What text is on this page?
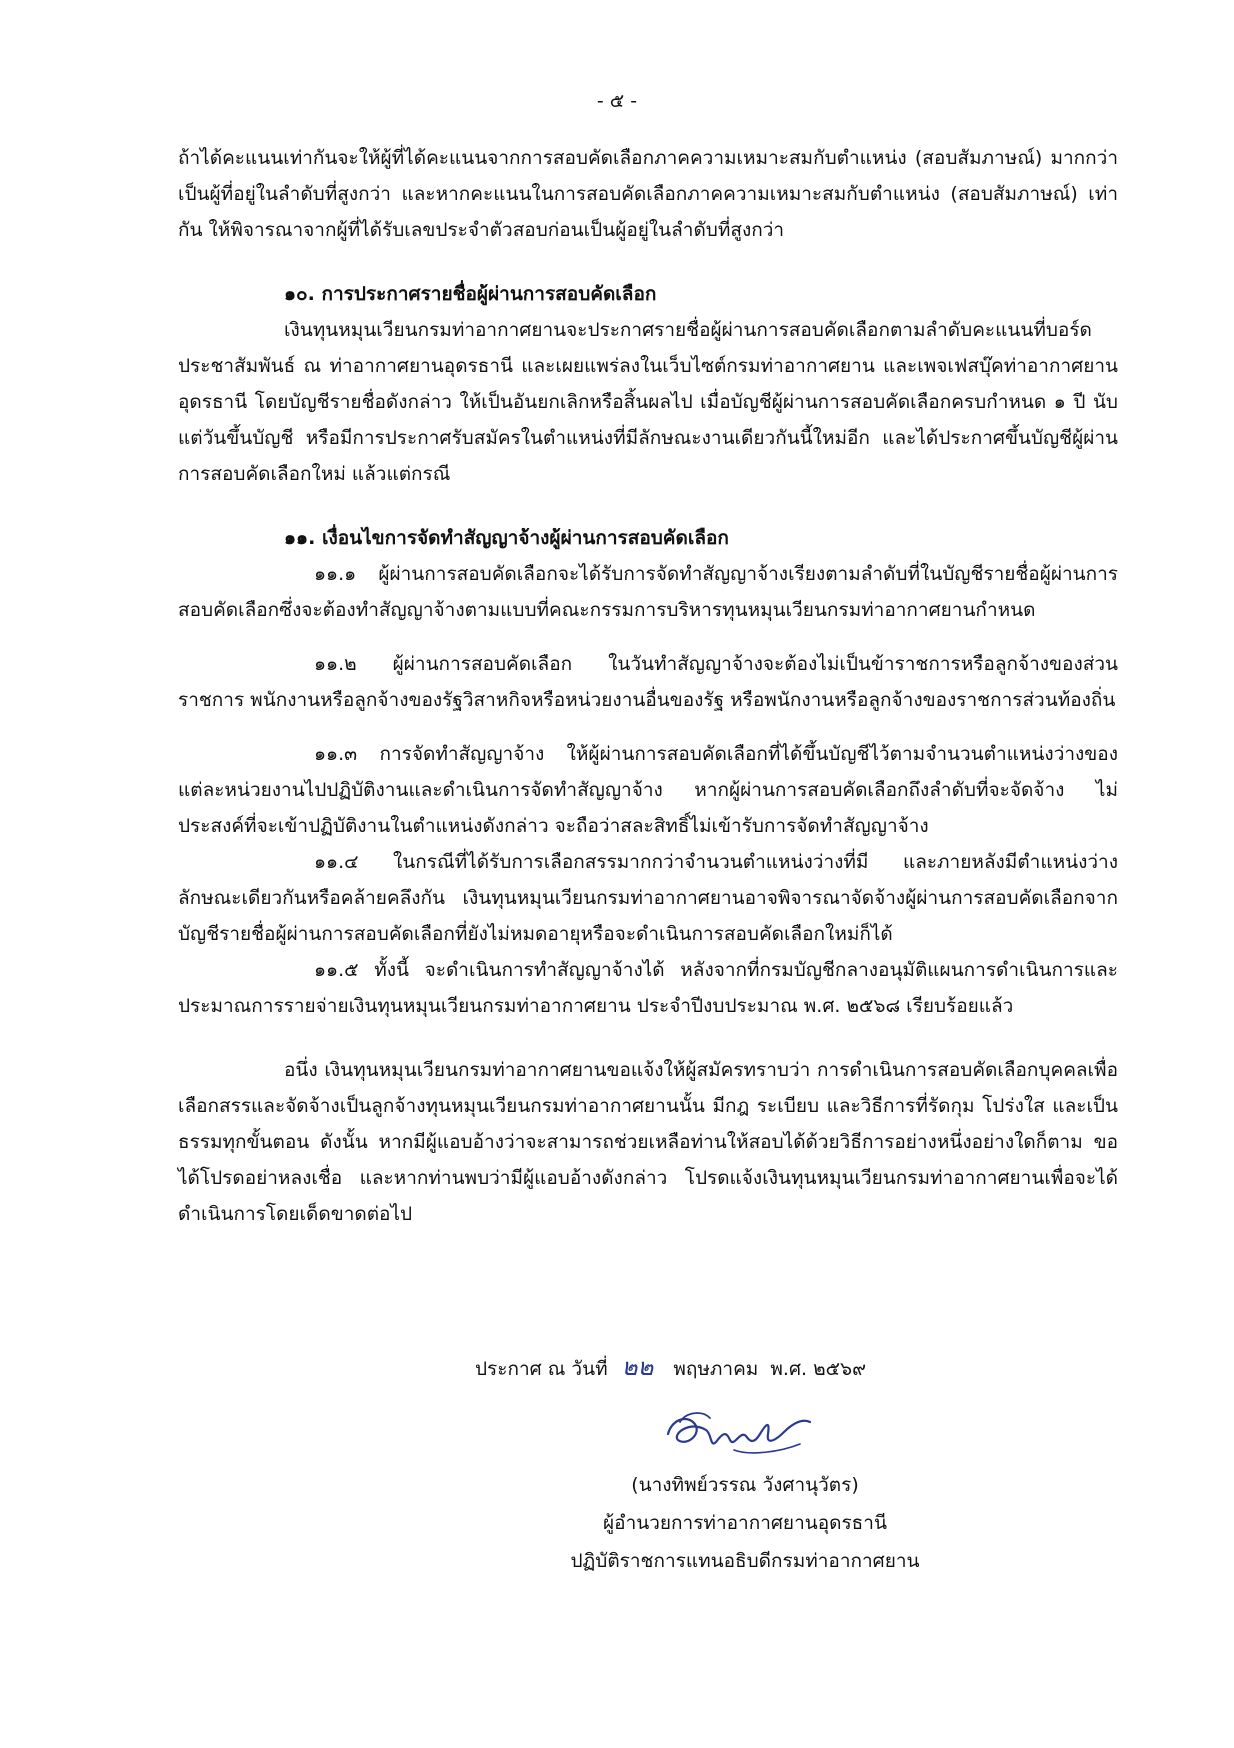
- ๕ -

ถ้าได้คะแนนเท่ากันจะให้ผู้ที่ได้คะแนนจากการสอบคัดเลือกภาคความเหมาะสมกับตำแหน่ง (สอบสัมภาษณ์) มากกว่า เป็นผู้ที่อยู่ในลำดับที่สูงกว่า และหากคะแนนในการสอบคัดเลือกภาคความเหมาะสมกับตำแหน่ง (สอบสัมภาษณ์) เท่ากัน ให้พิจารณาจากผู้ที่ได้รับเลขประจำตัวสอบก่อนเป็นผู้อยู่ในลำดับที่สูงกว่า

๑๐. การประกาศรายชื่อผู้ผ่านการสอบคัดเลือก

เงินทุนหมุนเวียนกรมท่าอากาศยานจะประกาศรายชื่อผู้ผ่านการสอบคัดเลือกตามลำดับคะแนนที่บอร์ดประชาสัมพันธ์ ณ ท่าอากาศยานอุดรธานี และเผยแพร่ลงในเว็บไซต์กรมท่าอากาศยาน และเพจเฟสบุ๊คท่าอากาศยานอุดรธานี โดยบัญชีรายชื่อดังกล่าว ให้เป็นอันยกเลิกหรือสิ้นผลไป เมื่อบัญชีผู้ผ่านการสอบคัดเลือกครบกำหนด ๑ ปี นับแต่วันขึ้นบัญชี หรือมีการประกาศรับสมัครในตำแหน่งที่มีลักษณะงานเดียวกันนี้ใหม่อีก และได้ประกาศขึ้นบัญชีผู้ผ่านการสอบคัดเลือกใหม่ แล้วแต่กรณี

๑๑. เงื่อนไขการจัดทำสัญญาจ้างผู้ผ่านการสอบคัดเลือก

๑๑.๑ ผู้ผ่านการสอบคัดเลือกจะได้รับการจัดทำสัญญาจ้างเรียงตามลำดับที่ในบัญชีรายชื่อผู้ผ่านการสอบคัดเลือกซึ่งจะต้องทำสัญญาจ้างตามแบบที่คณะกรรมการบริหารทุนหมุนเวียนกรมท่าอากาศยานกำหนด

๑๑.๒ ผู้ผ่านการสอบคัดเลือก ในวันทำสัญญาจ้างจะต้องไม่เป็นข้าราชการหรือลูกจ้างของส่วนราชการ พนักงานหรือลูกจ้างของรัฐวิสาหกิจหรือหน่วยงานอื่นของรัฐ หรือพนักงานหรือลูกจ้างของราชการส่วนท้องถิ่น

๑๑.๓ การจัดทำสัญญาจ้าง ให้ผู้ผ่านการสอบคัดเลือกที่ได้ขึ้นบัญชีไว้ตามจำนวนตำแหน่งว่างของแต่ละหน่วยงานไปปฏิบัติงานและดำเนินการจัดทำสัญญาจ้าง หากผู้ผ่านการสอบคัดเลือกถึงลำดับที่จะจัดจ้าง ไม่ประสงค์ที่จะเข้าปฏิบัติงานในตำแหน่งดังกล่าว จะถือว่าสละสิทธิ์ไม่เข้ารับการจัดทำสัญญาจ้าง

๑๑.๔ ในกรณีที่ได้รับการเลือกสรรมากกว่าจำนวนตำแหน่งว่างที่มี และภายหลังมีตำแหน่งว่างลักษณะเดียวกันหรือคล้ายคลึงกัน เงินทุนหมุนเวียนกรมท่าอากาศยานอาจพิจารณาจัดจ้างผู้ผ่านการสอบคัดเลือกจากบัญชีรายชื่อผู้ผ่านการสอบคัดเลือกที่ยังไม่หมดอายุหรือจะดำเนินการสอบคัดเลือกใหม่ก็ได้

๑๑.๕ ทั้งนี้ จะดำเนินการทำสัญญาจ้างได้ หลังจากที่กรมบัญชีกลางอนุมัติแผนการดำเนินการและประมาณการรายจ่ายเงินทุนหมุนเวียนกรมท่าอากาศยาน ประจำปีงบประมาณ พ.ศ. ๒๕๖๘ เรียบร้อยแล้ว

อนึ่ง เงินทุนหมุนเวียนกรมท่าอากาศยานขอแจ้งให้ผู้สมัครทราบว่า การดำเนินการสอบคัดเลือกบุคคลเพื่อเลือกสรรและจัดจ้างเป็นลูกจ้างทุนหมุนเวียนกรมท่าอากาศยานนั้น มีกฎ ระเบียบ และวิธีการที่รัดกุม โปร่งใส และเป็นธรรมทุกขั้นตอน ดังนั้น หากมีผู้แอบอ้างว่าจะสามารถช่วยเหลือท่านให้สอบได้ด้วยวิธีการอย่างหนึ่งอย่างใดก็ตาม ขอได้โปรดอย่าหลงเชื่อ และหากท่านพบว่ามีผู้แอบอ้างดังกล่าว โปรดแจ้งเงินทุนหมุนเวียนกรมท่าอากาศยานเพื่อจะได้ดำเนินการโดยเด็ดขาดต่อไป

ประกาศ ณ วันที่ ๒๒ พฤษภาคม พ.ศ. ๒๕๖๙
(นางทิพย์วรรณ วังศานุวัตร)
ผู้อำนวยการท่าอากาศยานอุดรธานี
ปฏิบัติราชการแทนอธิบดีกรมท่าอากาศยาน
